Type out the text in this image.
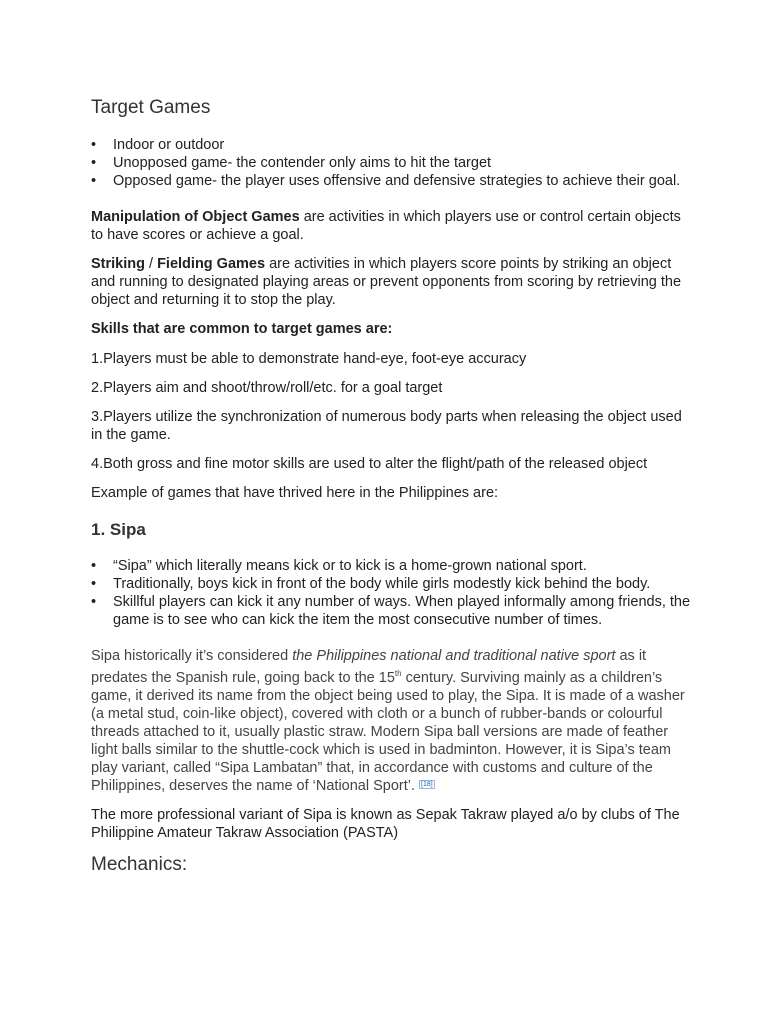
Target Games
• Indoor or outdoor
• Unopposed game- the contender only aims to hit the target
• Opposed game- the player uses offensive and defensive strategies to achieve their goal.

Manipulation of Object Games are activities in which players use or control certain objects to have scores or achieve a goal.

Striking / Fielding Games are activities in which players score points by striking an object and running to designated playing areas or prevent opponents from scoring by retrieving the object and returning it to stop the play.

Skills that are common to target games are:

1.Players must be able to demonstrate hand-eye, foot-eye accuracy

2.Players aim and shoot/throw/roll/etc. for a goal target

3.Players utilize the synchronization of numerous body parts when releasing the object used in the game.

4.Both gross and fine motor skills are used to alter the flight/path of the released object

Example of games that have thrived here in the Philippines are:

1. Sipa
• “Sipa” which literally means kick or to kick is a home-grown national sport.
• Traditionally, boys kick in front of the body while girls modestly kick behind the body.
• Skillful players can kick it any number of ways. When played informally among friends, the game is to see who can kick the item the most consecutive number of times.

Sipa historically it’s considered the Philippines national and traditional native sport as it predates the Spanish rule, going back to the 15th century. Surviving mainly as a children’s game, it derived its name from the object being used to play, the Sipa. It is made of a washer (a metal stud, coin-like object), covered with cloth or a bunch of rubber-bands or colourful threads attached to it, usually plastic straw. Modern Sipa ball versions are made of feather light balls similar to the shuttle-cock which is used in badminton. However, it is Sipa’s team play variant, called “Sipa Lambatan” that, in accordance with customs and culture of the Philippines, deserves the name of ‘National Sport’. [18]

The more professional variant of Sipa is known as Sepak Takraw played a/o by clubs of The Philippine Amateur Takraw Association (PASTA)

Mechanics:
